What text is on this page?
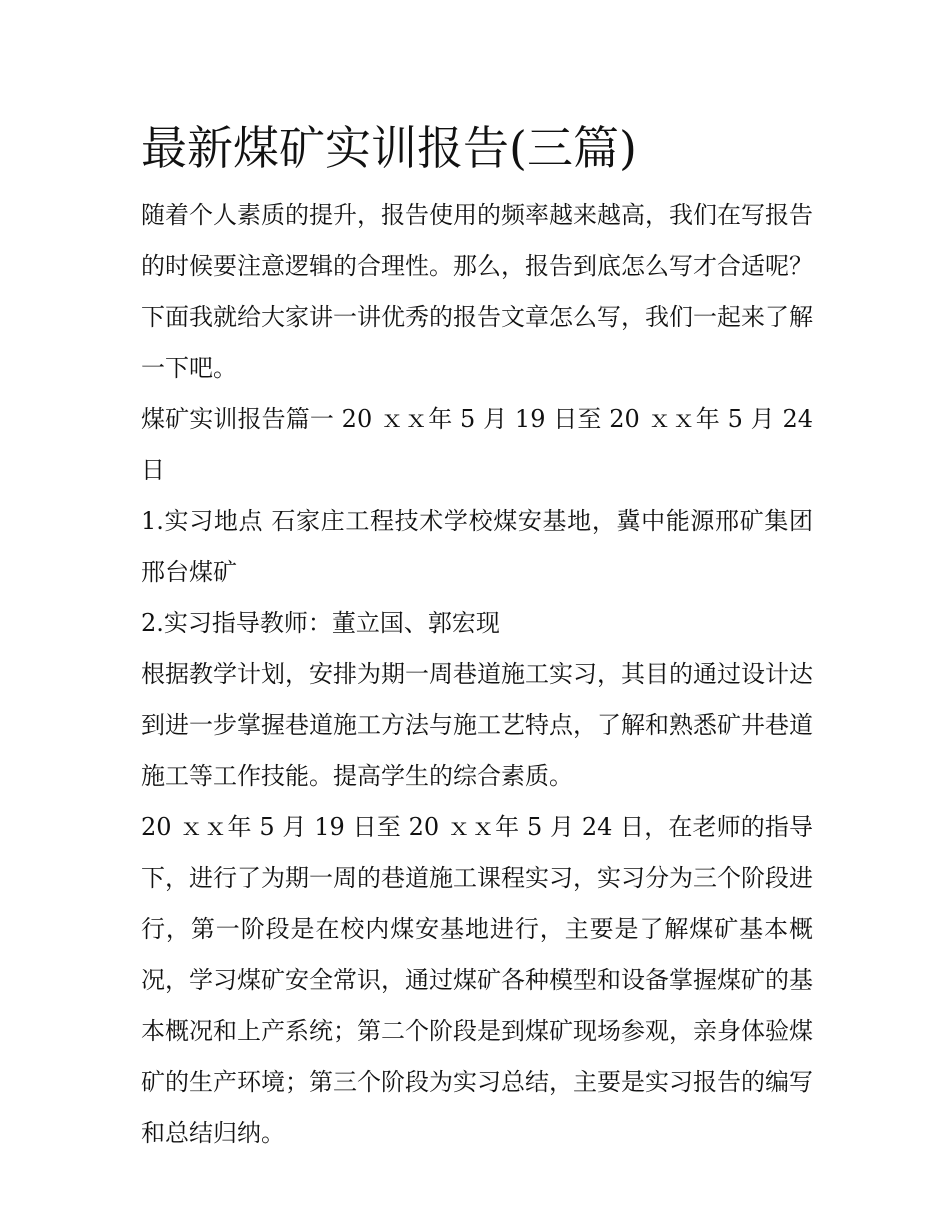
最新煤矿实训报告(三篇)

随着个人素质的提升，报告使用的频率越来越高，我们在写报告的时候要注意逻辑的合理性。那么，报告到底怎么写才合适呢？下面我就给大家讲一讲优秀的报告文章怎么写，我们一起来了解一下吧。

煤矿实训报告篇一 20 ｘｘ年 5 月 19 日至 20 ｘｘ年 5 月 24 日

1.实习地点 石家庄工程技术学校煤安基地，冀中能源邢矿集团邢台煤矿

2.实习指导教师：董立国、郭宏现

根据教学计划，安排为期一周巷道施工实习，其目的通过设计达到进一步掌握巷道施工方法与施工艺特点，了解和熟悉矿井巷道施工等工作技能。提高学生的综合素质。

20 ｘｘ年 5 月 19 日至 20 ｘｘ年 5 月 24 日，在老师的指导下，进行了为期一周的巷道施工课程实习，实习分为三个阶段进行，第一阶段是在校内煤安基地进行，主要是了解煤矿基本概况，学习煤矿安全常识，通过煤矿各种模型和设备掌握煤矿的基本概况和上产系统；第二个阶段是到煤矿现场参观，亲身体验煤矿的生产环境；第三个阶段为实习总结，主要是实习报告的编写和总结归纳。
